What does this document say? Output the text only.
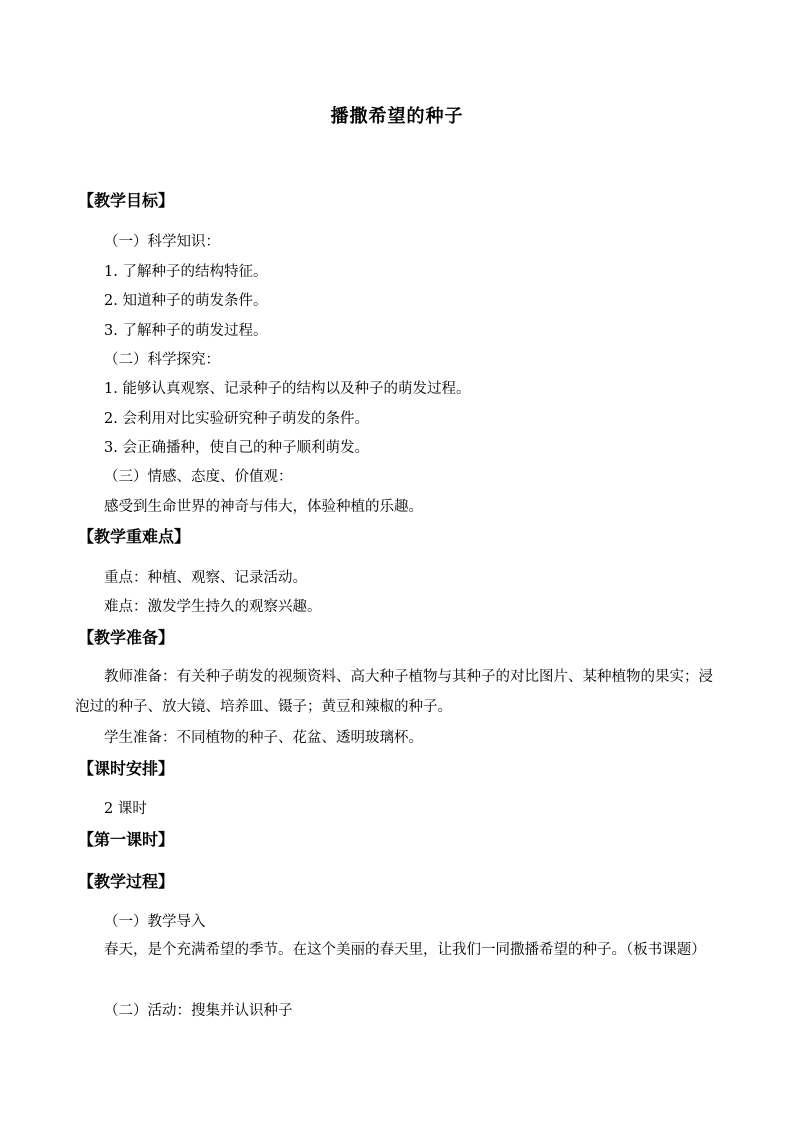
播撒希望的种子
【教学目标】
（一）科学知识：
1. 了解种子的结构特征。
2. 知道种子的萌发条件。
3. 了解种子的萌发过程。
（二）科学探究：
1. 能够认真观察、记录种子的结构以及种子的萌发过程。
2. 会利用对比实验研究种子萌发的条件。
3. 会正确播种，使自己的种子顺利萌发。
（三）情感、态度、价值观：
感受到生命世界的神奇与伟大，体验种植的乐趣。
【教学重难点】
重点：种植、观察、记录活动。
难点：激发学生持久的观察兴趣。
【教学准备】
教师准备：有关种子萌发的视频资料、高大种子植物与其种子的对比图片、某种植物的果实；浸泡过的种子、放大镜、培养皿、镊子；黄豆和辣椒的种子。
学生准备：不同植物的种子、花盆、透明玻璃杯。
【课时安排】
2 课时
【第一课时】
【教学过程】
（一）教学导入
春天，是个充满希望的季节。在这个美丽的春天里，让我们一同撒播希望的种子。（板书课题）
（二）活动：搜集并认识种子
